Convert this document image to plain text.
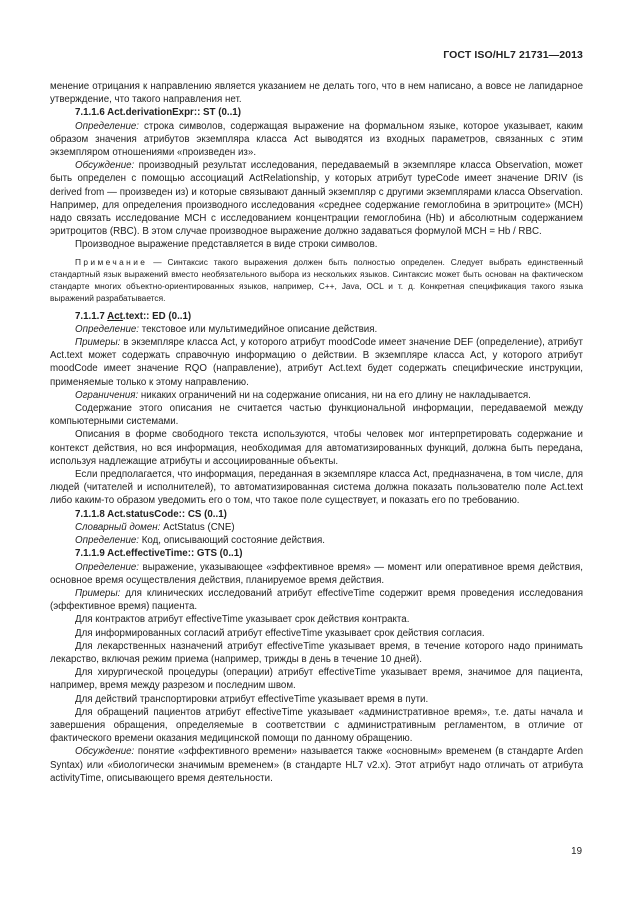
ГОСТ ISO/HL7 21731—2013

менение отрицания к направлению является указанием не делать того, что в нем написано, а вовсе не лапидарное утверждение, что такого направления нет.

7.1.1.6 Act.derivationExpr:: ST (0..1)

Определение: строка символов, содержащая выражение на формальном языке, которое указывает, каким образом значения атрибутов экземпляра класса Act выводятся из входных параметров, связанных с этим экземпляром отношениями «произведен из».

Обсуждение: производный результат исследования, передаваемый в экземпляре класса Observation, может быть определен с помощью ассоциаций ActRelationship, у которых атрибут typeCode имеет значение DRIV (is derived from — произведен из) и которые связывают данный экземпляр с другими экземплярами класса Observation. Например, для определения производного исследования «среднее содержание гемоглобина в эритроците» (MCH) надо связать исследование MCH с исследованием концентрации гемоглобина (Hb) и абсолютным содержанием эритроцитов (RBC). В этом случае производное выражение должно задаваться формулой MCH = Hb / RBC.

Производное выражение представляется в виде строки символов.

Примечание — Синтаксис такого выражения должен быть полностью определен. Следует выбрать единственный стандартный язык выражений вместо необязательного выбора из нескольких языков. Синтаксис может быть основан на фактическом стандарте многих объектно-ориентированных языков, например, C++, Java, OCL и т. д. Конкретная спецификация такого языка выражений разрабатывается.

7.1.1.7 Act.text:: ED (0..1)

Определение: текстовое или мультимедийное описание действия.

Примеры: в экземпляре класса Act, у которого атрибут moodCode имеет значение DEF (определение), атрибут Act.text может содержать справочную информацию о действии. В экземпляре класса Act, у которого атрибут moodCode имеет значение RQO (направление), атрибут Act.text будет содержать специфические инструкции, применяемые только к этому направлению.

Ограничения: никаких ограничений ни на содержание описания, ни на его длину не накладывается.

Содержание этого описания не считается частью функциональной информации, передаваемой между компьютерными системами.

Описания в форме свободного текста используются, чтобы человек мог интерпретировать содержание и контекст действия, но вся информация, необходимая для автоматизированных функций, должна быть передана, используя надлежащие атрибуты и ассоциированные объекты.

Если предполагается, что информация, переданная в экземпляре класса Act, предназначена, в том числе, для людей (читателей и исполнителей), то автоматизированная система должна показать пользователю поле Act.text либо каким-то образом уведомить его о том, что такое поле существует, и показать его по требованию.

7.1.1.8 Act.statusCode:: CS (0..1)

Словарный домен: ActStatus (CNE)

Определение: Код, описывающий состояние действия.

7.1.1.9 Act.effectiveTime:: GTS (0..1)

Определение: выражение, указывающее «эффективное время» — момент или оперативное время действия, основное время осуществления действия, планируемое время действия.

Примеры: для клинических исследований атрибут effectiveTime содержит время проведения исследования (эффективное время) пациента.

Для контрактов атрибут effectiveTime указывает срок действия контракта.

Для информированных согласий атрибут effectiveTime указывает срок действия согласия.

Для лекарственных назначений атрибут effectiveTime указывает время, в течение которого надо принимать лекарство, включая режим приема (например, трижды в день в течение 10 дней).

Для хирургической процедуры (операции) атрибут effectiveTime указывает время, значимое для пациента, например, время между разрезом и последним швом.

Для действий транспортировки атрибут effectiveTime указывает время в пути.

Для обращений пациентов атрибут effectiveTime указывает «административное время», т.е. даты начала и завершения обращения, определяемые в соответствии с административным регламентом, в отличие от фактического времени оказания медицинской помощи по данному обращению.

Обсуждение: понятие «эффективного времени» называется также «основным» временем (в стандарте Arden Syntax) или «биологически значимым временем» (в стандарте HL7 v2.x). Этот атрибут надо отличать от атрибута activityTime, описывающего время деятельности.

19
